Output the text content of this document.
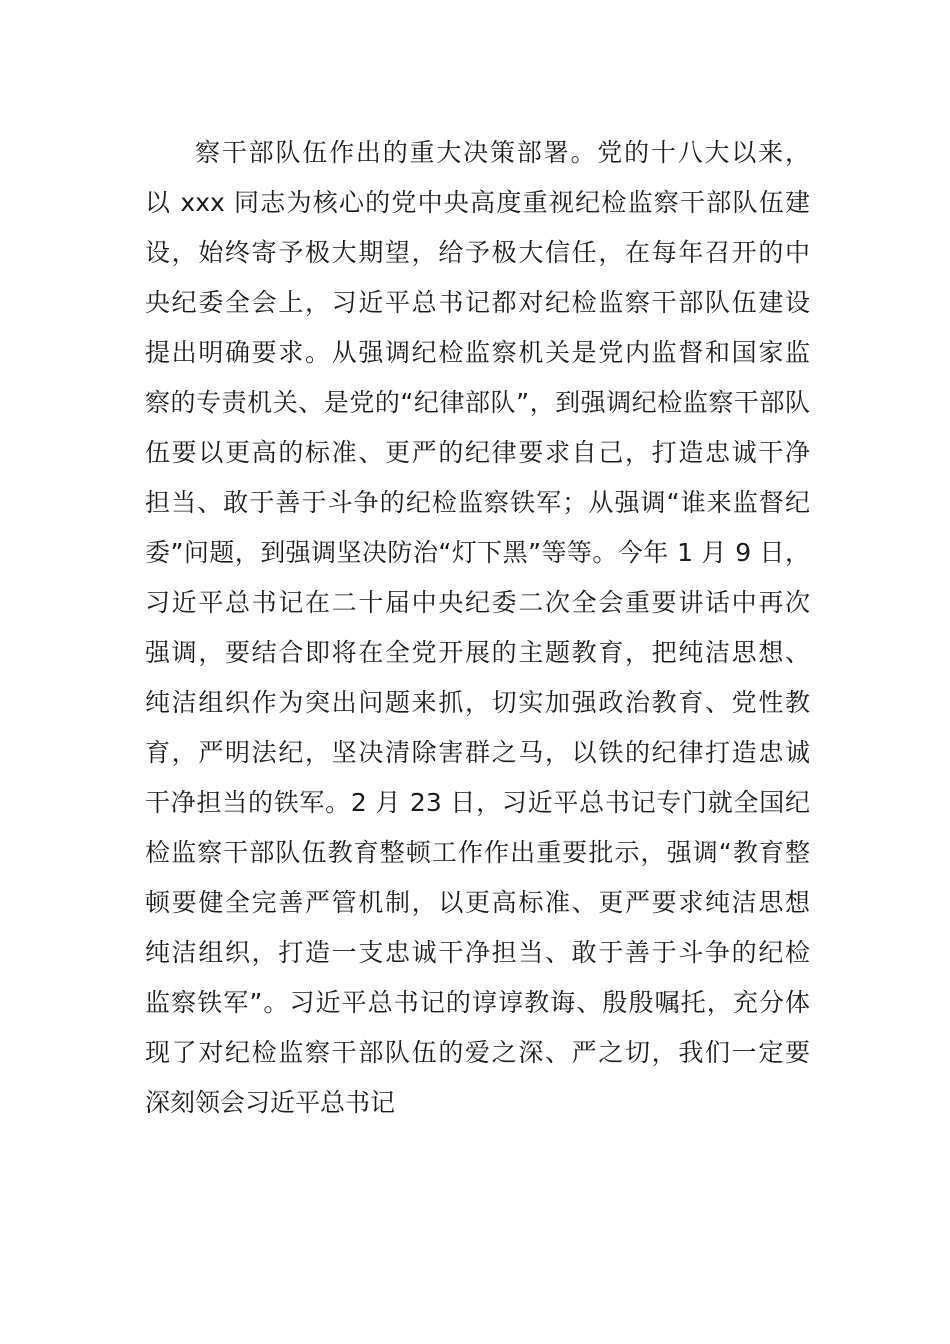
察干部队伍作出的重大决策部署。党的十八大以来，
以 xxx 同志为核心的党中央高度重视纪检监察干部队伍建
设，始终寄予极大期望，给予极大信任，在每年召开的中
央纪委全会上，习近平总书记都对纪检监察干部队伍建设
提出明确要求。从强调纪检监察机关是党内监督和国家监
察的专责机关、是党的“纪律部队”，到强调纪检监察干部队
伍要以更高的标准、更严的纪律要求自己，打造忠诚干净
担当、敢于善于斗争的纪检监察铁军；从强调“谁来监督纪
委”问题，到强调坚决防治“灯下黑”等等。今年 1 月 9 日，
习近平总书记在二十届中央纪委二次全会重要讲话中再次
强调，要结合即将在全党开展的主题教育，把纯洁思想、
纯洁组织作为突出问题来抓，切实加强政治教育、党性教
育，严明法纪，坚决清除害群之马，以铁的纪律打造忠诚
干净担当的铁军。2 月 23 日，习近平总书记专门就全国纪
检监察干部队伍教育整顿工作作出重要批示，强调“教育整
顿要健全完善严管机制，以更高标准、更严要求纯洁思想
纯洁组织，打造一支忠诚干净担当、敢于善于斗争的纪检
监察铁军”。习近平总书记的谆谆教诲、殷殷嘱托，充分体
现了对纪检监察干部队伍的爱之深、严之切，我们一定要
深刻领会习近平总书记
